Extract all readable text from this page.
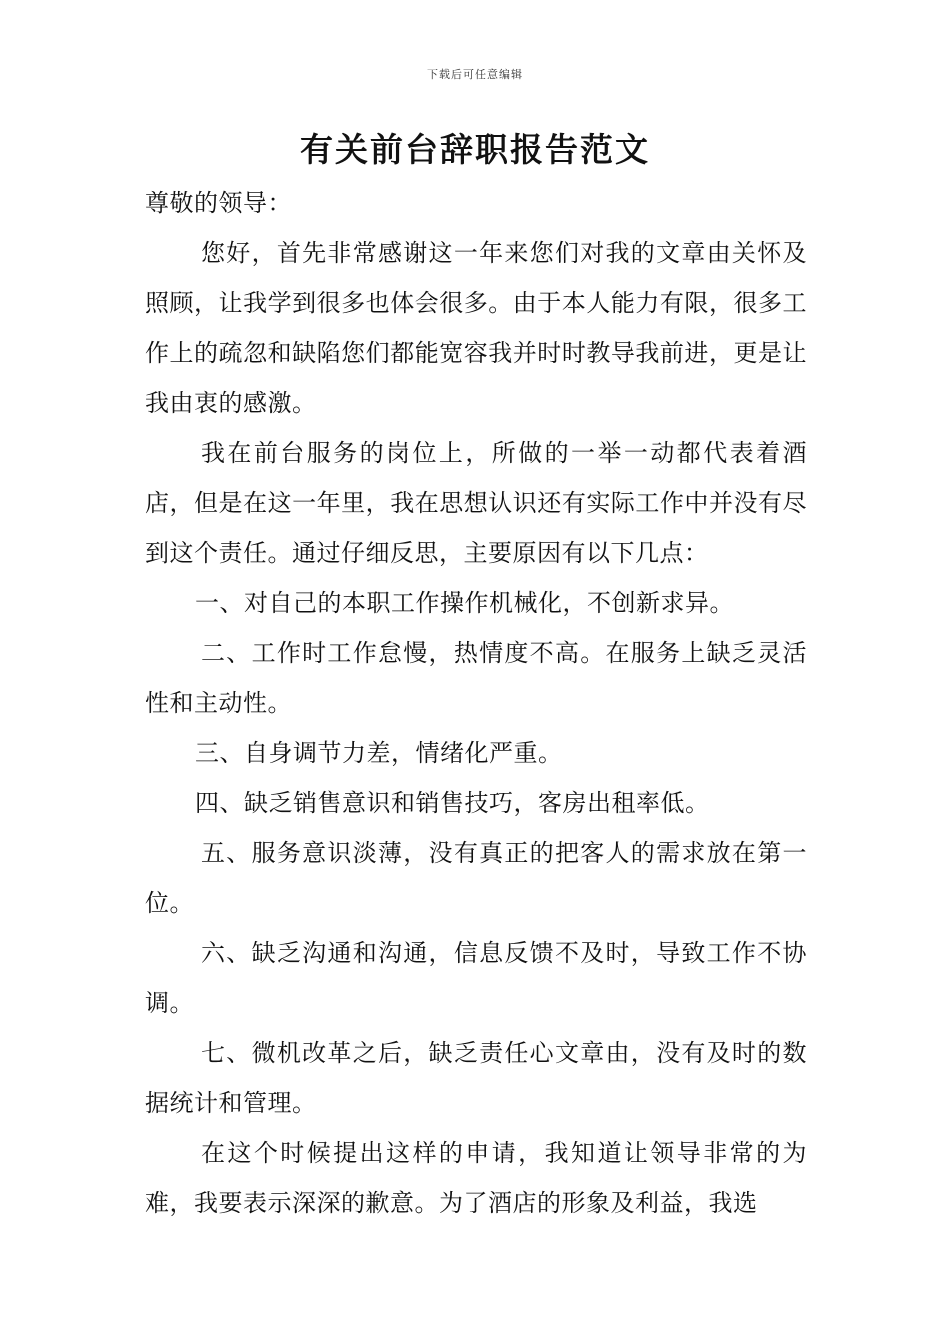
下载后可任意编辑
有关前台辞职报告范文

尊敬的领导：

您好，首先非常感谢这一年来您们对我的文章由关怀及照顾，让我学到很多也体会很多。由于本人能力有限，很多工作上的疏忽和缺陷您们都能宽容我并时时教导我前进，更是让我由衷的感激。

我在前台服务的岗位上，所做的一举一动都代表着酒店，但是在这一年里，我在思想认识还有实际工作中并没有尽到这个责任。通过仔细反思，主要原因有以下几点：

一、对自己的本职工作操作机械化，不创新求异。

二、工作时工作怠慢，热情度不高。在服务上缺乏灵活性和主动性。

三、自身调节力差，情绪化严重。

四、缺乏销售意识和销售技巧，客房出租率低。

五、服务意识淡薄，没有真正的把客人的需求放在第一位。

六、缺乏沟通和沟通，信息反馈不及时，导致工作不协调。

七、微机改革之后，缺乏责任心文章由，没有及时的数据统计和管理。

在这个时候提出这样的申请，我知道让领导非常的为难，我要表示深深的歉意。为了酒店的形象及利益，我选
